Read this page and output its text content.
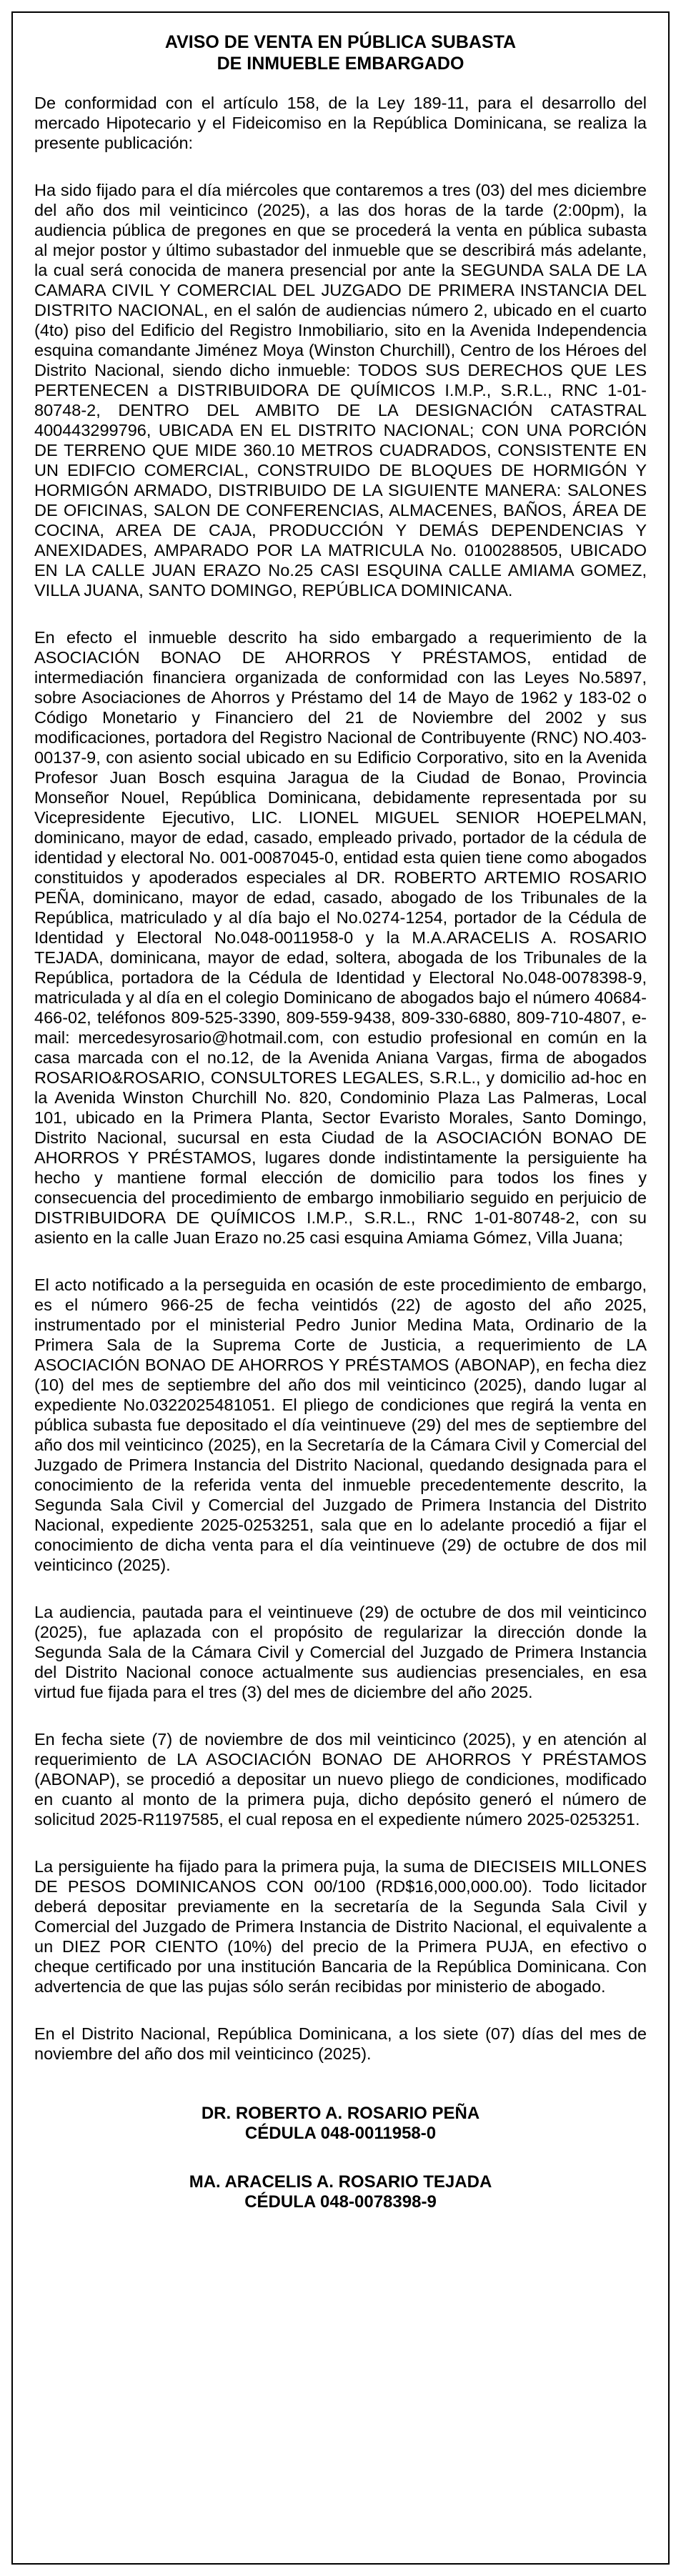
AVISO DE VENTA EN PÚBLICA SUBASTA
DE INMUEBLE EMBARGADO

De conformidad con el artículo 158, de la Ley 189-11, para el desarrollo del mercado Hipotecario y el Fideicomiso en la República Dominicana, se realiza la presente publicación:

Ha sido fijado para el día miércoles que contaremos a tres (03) del mes diciembre del año dos mil veinticinco (2025), a las dos horas de la tarde (2:00pm), la audiencia pública de pregones en que se procederá la venta en pública subasta al mejor postor y último subastador del inmueble que se describirá más adelante, la cual será conocida de manera presencial por ante la SEGUNDA SALA DE LA CAMARA CIVIL Y COMERCIAL DEL JUZGADO DE PRIMERA INSTANCIA DEL DISTRITO NACIONAL, en el salón de audiencias número 2, ubicado en el cuarto (4to) piso del Edificio del Registro Inmobiliario, sito en la Avenida Independencia esquina comandante Jiménez Moya (Winston Churchill), Centro de los Héroes del Distrito Nacional, siendo dicho inmueble: TODOS SUS DERECHOS QUE LES PERTENECEN a DISTRIBUIDORA DE QUÍMICOS I.M.P., S.R.L., RNC 1-01-80748-2, DENTRO DEL AMBITO DE LA DESIGNACIÓN CATASTRAL 400443299796, UBICADA EN EL DISTRITO NACIONAL; CON UNA PORCIÓN DE TERRENO QUE MIDE 360.10 METROS CUADRADOS, CONSISTENTE EN UN EDIFCIO COMERCIAL, CONSTRUIDO DE BLOQUES DE HORMIGÓN Y HORMIGÓN ARMADO, DISTRIBUIDO DE LA SIGUIENTE MANERA: SALONES DE OFICINAS, SALON DE CONFERENCIAS, ALMACENES, BAÑOS, ÁREA DE COCINA, AREA DE CAJA, PRODUCCIÓN Y DEMÁS DEPENDENCIAS Y ANEXIDADES, AMPARADO POR LA MATRICULA No. 0100288505, UBICADO EN LA CALLE JUAN ERAZO No.25 CASI ESQUINA CALLE AMIAMA GOMEZ, VILLA JUANA, SANTO DOMINGO, REPÚBLICA DOMINICANA.

En efecto el inmueble descrito ha sido embargado a requerimiento de la ASOCIACIÓN BONAO DE AHORROS Y PRÉSTAMOS, entidad de intermediación financiera organizada de conformidad con las Leyes No.5897, sobre Asociaciones de Ahorros y Préstamo del 14 de Mayo de 1962 y 183-02 o Código Monetario y Financiero del 21 de Noviembre del 2002 y sus modificaciones, portadora del Registro Nacional de Contribuyente (RNC) NO.403-00137-9, con asiento social ubicado en su Edificio Corporativo, sito en la Avenida Profesor Juan Bosch esquina Jaragua de la Ciudad de Bonao, Provincia Monseñor Nouel, República Dominicana, debidamente representada por su Vicepresidente Ejecutivo, LIC. LIONEL MIGUEL SENIOR HOEPELMAN, dominicano, mayor de edad, casado, empleado privado, portador de la cédula de identidad y electoral No. 001-0087045-0, entidad esta quien tiene como abogados constituidos y apoderados especiales al DR. ROBERTO ARTEMIO ROSARIO PEÑA, dominicano, mayor de edad, casado, abogado de los Tribunales de la República, matriculado y al día bajo el No.0274-1254, portador de la Cédula de Identidad y Electoral No.048-0011958-0 y la M.A.ARACELIS A. ROSARIO TEJADA, dominicana, mayor de edad, soltera, abogada de los Tribunales de la República, portadora de la Cédula de Identidad y Electoral No.048-0078398-9, matriculada y al día en el colegio Dominicano de abogados bajo el número 40684-466-02, teléfonos 809-525-3390, 809-559-9438, 809-330-6880, 809-710-4807, e-mail: mercedesyrosario@hotmail.com, con estudio profesional en común en la casa marcada con el no.12, de la Avenida Aniana Vargas, firma de abogados ROSARIO&ROSARIO, CONSULTORES LEGALES, S.R.L., y domicilio ad-hoc en la Avenida Winston Churchill No. 820, Condominio Plaza Las Palmeras, Local 101, ubicado en la Primera Planta, Sector Evaristo Morales, Santo Domingo, Distrito Nacional, sucursal en esta Ciudad de la ASOCIACIÓN BONAO DE AHORROS Y PRÉSTAMOS, lugares donde indistintamente la persiguiente ha hecho y mantiene formal elección de domicilio para todos los fines y consecuencia del procedimiento de embargo inmobiliario seguido en perjuicio de DISTRIBUIDORA DE QUÍMICOS I.M.P., S.R.L., RNC 1-01-80748-2, con su asiento en la calle Juan Erazo no.25 casi esquina Amiama Gómez, Villa Juana;

El acto notificado a la perseguida en ocasión de este procedimiento de embargo, es el número 966-25 de fecha veintidós (22) de agosto del año 2025, instrumentado por el ministerial Pedro Junior Medina Mata, Ordinario de la Primera Sala de la Suprema Corte de Justicia, a requerimiento de LA ASOCIACIÓN BONAO DE AHORROS Y PRÉSTAMOS (ABONAP), en fecha diez (10) del mes de septiembre del año dos mil veinticinco (2025), dando lugar al expediente No.0322025481051. El pliego de condiciones que regirá la venta en pública subasta fue depositado el día veintinueve (29) del mes de septiembre del año dos mil veinticinco (2025), en la Secretaría de la Cámara Civil y Comercial del Juzgado de Primera Instancia del Distrito Nacional, quedando designada para el conocimiento de la referida venta del inmueble precedentemente descrito, la Segunda Sala Civil y Comercial del Juzgado de Primera Instancia del Distrito Nacional, expediente 2025-0253251, sala que en lo adelante procedió a fijar el conocimiento de dicha venta para el día veintinueve (29) de octubre de dos mil veinticinco (2025).

La audiencia, pautada para el veintinueve (29) de octubre de dos mil veinticinco (2025), fue aplazada con el propósito de regularizar la dirección donde la Segunda Sala de la Cámara Civil y Comercial del Juzgado de Primera Instancia del Distrito Nacional conoce actualmente sus audiencias presenciales, en esa virtud fue fijada para el tres (3) del mes de diciembre del año 2025.

En fecha siete (7) de noviembre de dos mil veinticinco (2025), y en atención al requerimiento de LA ASOCIACIÓN BONAO DE AHORROS Y PRÉSTAMOS (ABONAP), se procedió a depositar un nuevo pliego de condiciones, modificado en cuanto al monto de la primera puja, dicho depósito generó el número de solicitud 2025-R1197585, el cual reposa en el expediente número 2025-0253251.

La persiguiente ha fijado para la primera puja, la suma de DIECISEIS MILLONES DE PESOS DOMINICANOS CON 00/100 (RD$16,000,000.00). Todo licitador deberá depositar previamente en la secretaría de la Segunda Sala Civil y Comercial del Juzgado de Primera Instancia de Distrito Nacional, el equivalente a un DIEZ POR CIENTO (10%) del precio de la Primera PUJA, en efectivo o cheque certificado por una institución Bancaria de la República Dominicana. Con advertencia de que las pujas sólo serán recibidas por ministerio de abogado.

En el Distrito Nacional, República Dominicana, a los siete (07) días del mes de noviembre del año dos mil veinticinco (2025).

DR. ROBERTO A. ROSARIO PEÑA
CÉDULA 048-0011958-0
MA. ARACELIS A. ROSARIO TEJADA
CÉDULA 048-0078398-9
